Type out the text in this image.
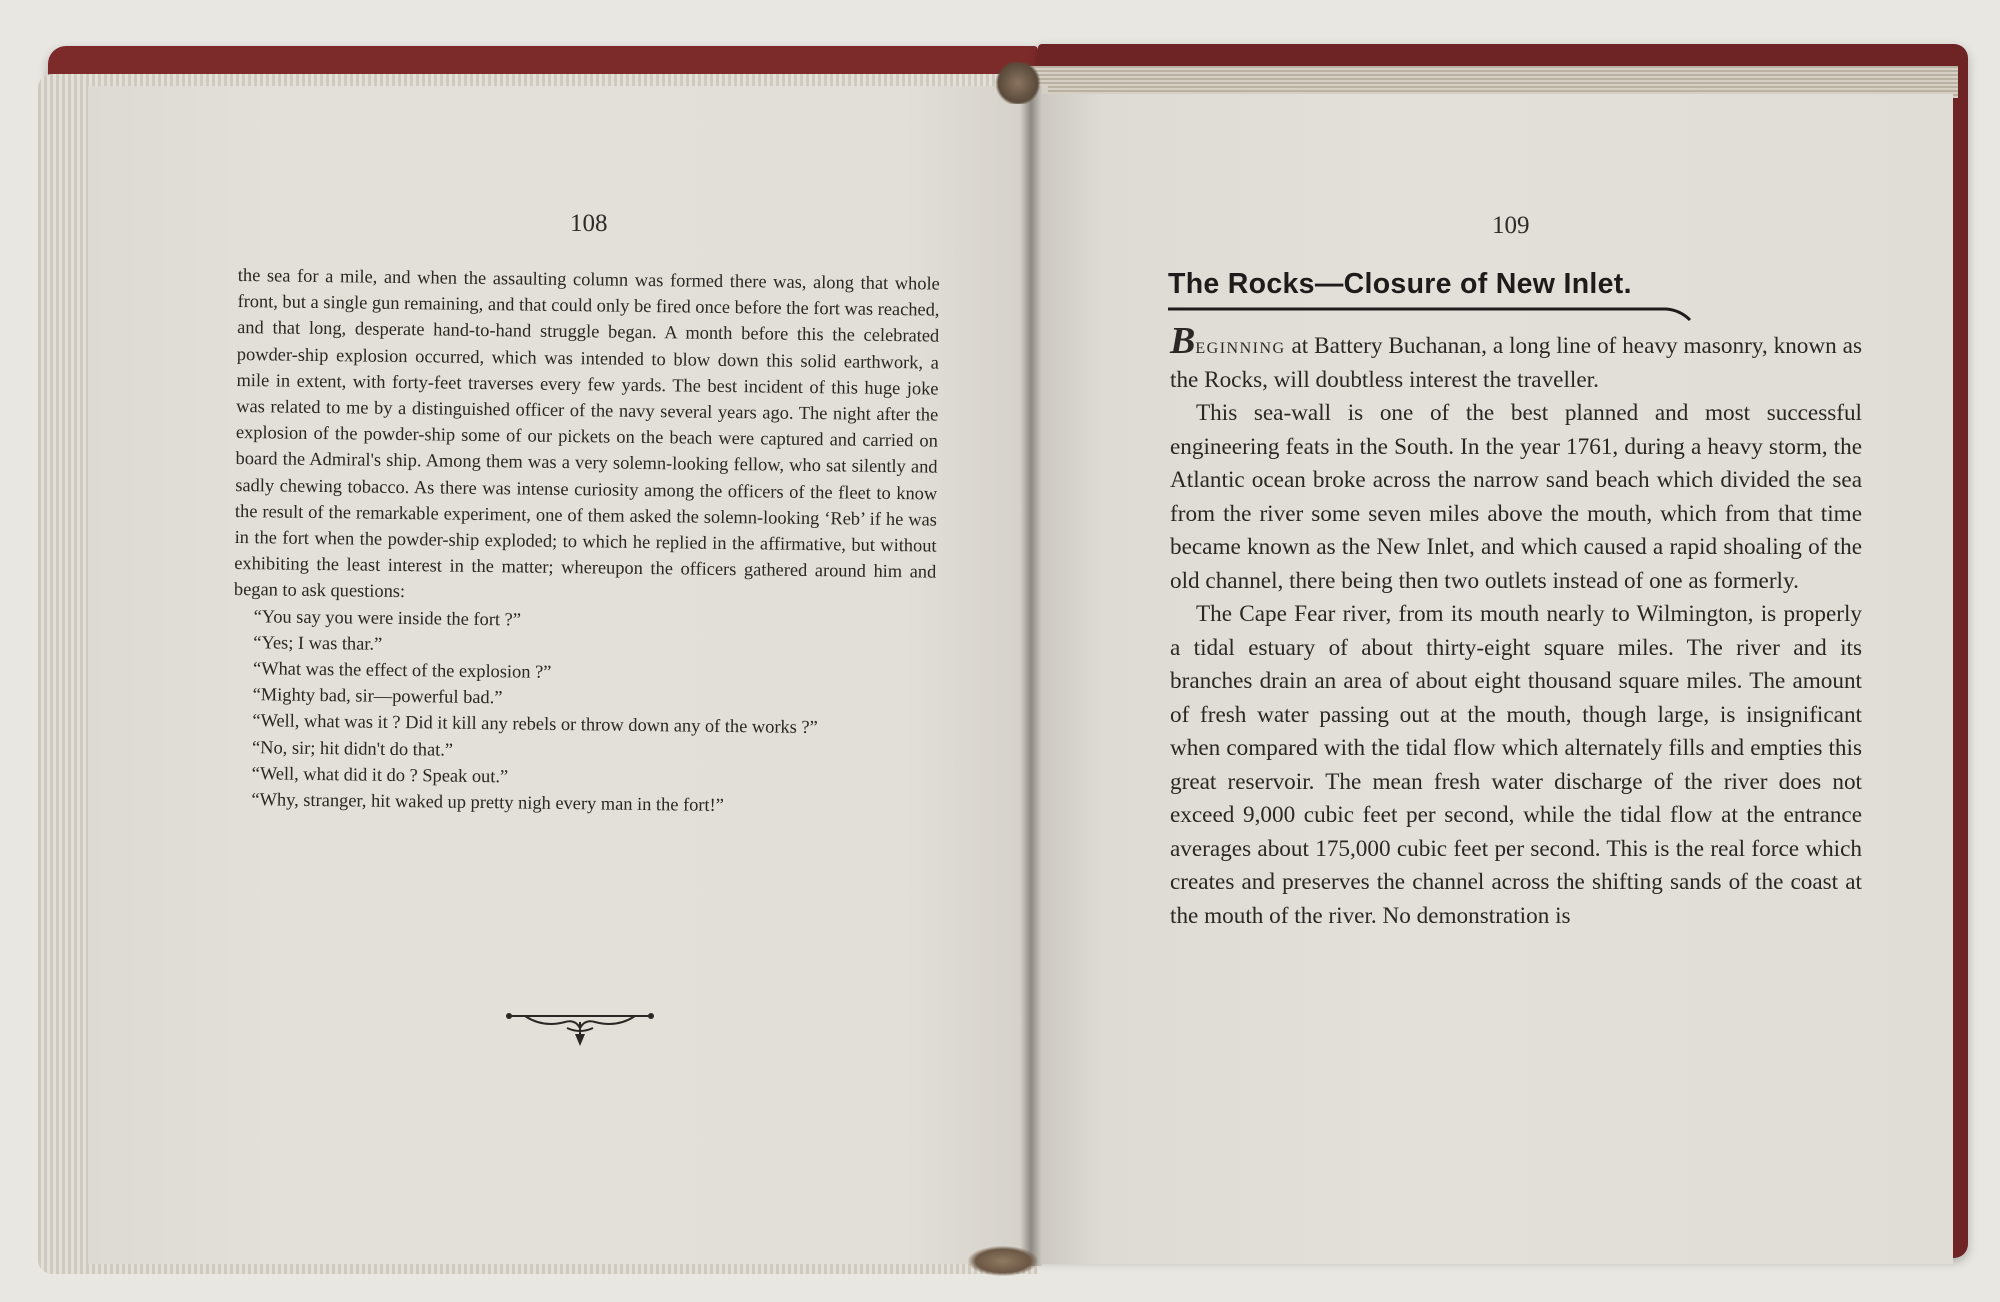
108

the sea for a mile, and when the assaulting column was formed there was, along that whole front, but a single gun remaining, and that could only be fired once before the fort was reached, and that long, desperate hand-to-hand struggle began. A month before this the celebrated powder-ship explosion occurred, which was intended to blow down this solid earthwork, a mile in extent, with forty-feet traverses every few yards. The best incident of this huge joke was related to me by a distinguished officer of the navy several years ago. The night after the explosion of the powder-ship some of our pickets on the beach were captured and carried on board the Admiral's ship. Among them was a very solemn-looking fellow, who sat silently and sadly chewing tobacco. As there was intense curiosity among the officers of the fleet to know the result of the remarkable experiment, one of them asked the solemn-looking ‘Reb’ if he was in the fort when the powder-ship exploded; to which he replied in the affirmative, but without exhibiting the least interest in the matter; whereupon the officers gathered around him and began to ask questions:

“You say you were inside the fort ?”

“Yes; I was thar.”

“What was the effect of the explosion ?”

“Mighty bad, sir—powerful bad.”

“Well, what was it ? Did it kill any rebels or throw down any of the works ?”

“No, sir; hit didn't do that.”

“Well, what did it do ? Speak out.”

“Why, stranger, hit waked up pretty nigh every man in the fort!”

109
The Rocks—Closure of New Inlet.

Beginning at Battery Buchanan, a long line of heavy masonry, known as the Rocks, will doubtless interest the traveller.

This sea-wall is one of the best planned and most successful engineering feats in the South. In the year 1761, during a heavy storm, the Atlantic ocean broke across the narrow sand beach which divided the sea from the river some seven miles above the mouth, which from that time became known as the New Inlet, and which caused a rapid shoaling of the old channel, there being then two outlets instead of one as formerly.

The Cape Fear river, from its mouth nearly to Wilmington, is properly a tidal estuary of about thirty-eight square miles. The river and its branches drain an area of about eight thousand square miles. The amount of fresh water passing out at the mouth, though large, is insignificant when compared with the tidal flow which alternately fills and empties this great reservoir. The mean fresh water discharge of the river does not exceed 9,000 cubic feet per second, while the tidal flow at the entrance averages about 175,000 cubic feet per second. This is the real force which creates and preserves the channel across the shifting sands of the coast at the mouth of the river. No demonstration is
